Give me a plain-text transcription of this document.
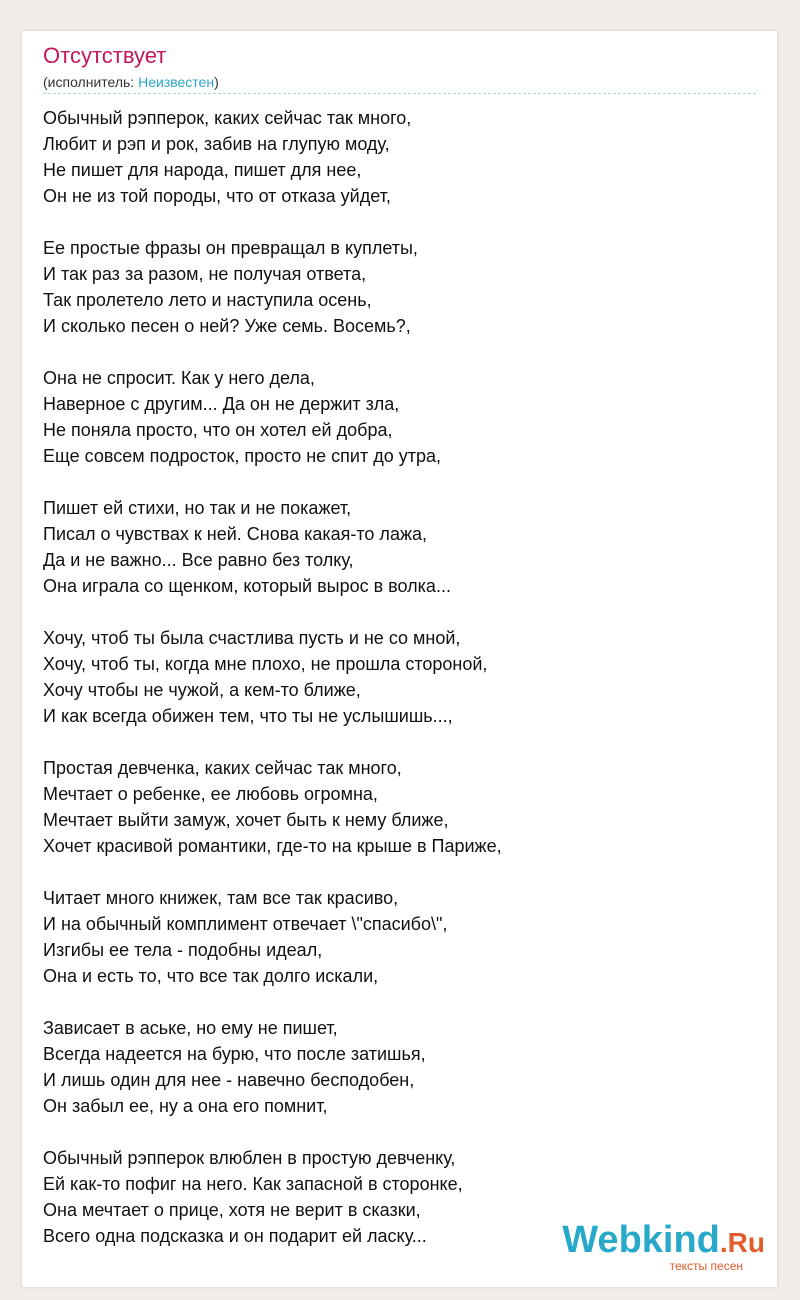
Отсутствует
(исполнитель: Неизвестен)
Обычный рэпперок, каких сейчас так много,
Любит и рэп и рок, забив на глупую моду,
Не пишет для народа, пишет для нее,
Он не из той породы, что от отказа уйдет,
Ее простые фразы он превращал в куплеты,
И так раз за разом, не получая ответа,
Так пролетело лето и наступила осень,
И сколько песен о ней? Уже семь. Восемь?,
Она не спросит. Как у него дела,
Наверное с другим... Да он не держит зла,
Не поняла просто, что он хотел ей добра,
Еще совсем подросток, просто не спит до утра,
Пишет ей стихи, но так и не покажет,
Писал о чувствах к ней. Снова какая-то лажа,
Да и не важно... Все равно без толку,
Она играла со щенком, который вырос в волка...
Хочу, чтоб ты была счастлива пусть и не со мной,
Хочу, чтоб ты, когда мне плохо, не прошла стороной,
Хочу чтобы не чужой, а кем-то ближе,
И как всегда обижен тем, что ты не услышишь...,
Простая девченка, каких сейчас так много,
Мечтает о ребенке, ее любовь огромна,
Мечтает выйти замуж, хочет быть к нему ближе,
Хочет красивой романтики, где-то на крыше в Париже,
Читает много книжек, там все так красиво,
И на обычный комплимент отвечает \"спасибо\",
Изгибы ее тела - подобны идеал,
Она и есть то, что все так долго искали,
Зависает в аське, но ему не пишет,
Всегда надеется на бурю, что после затишья,
И лишь один для нее - навечно бесподобен,
Он забыл ее, ну а она его помнит,
Обычный рэпперок влюблен в простую девченку,
Ей как-то пофиг на него. Как запасной в сторонке,
Она мечтает о прице, хотя не верит в сказки,
Всего одна подсказка и он подарит ей ласку...	Webkind.Ru
тексты песен
